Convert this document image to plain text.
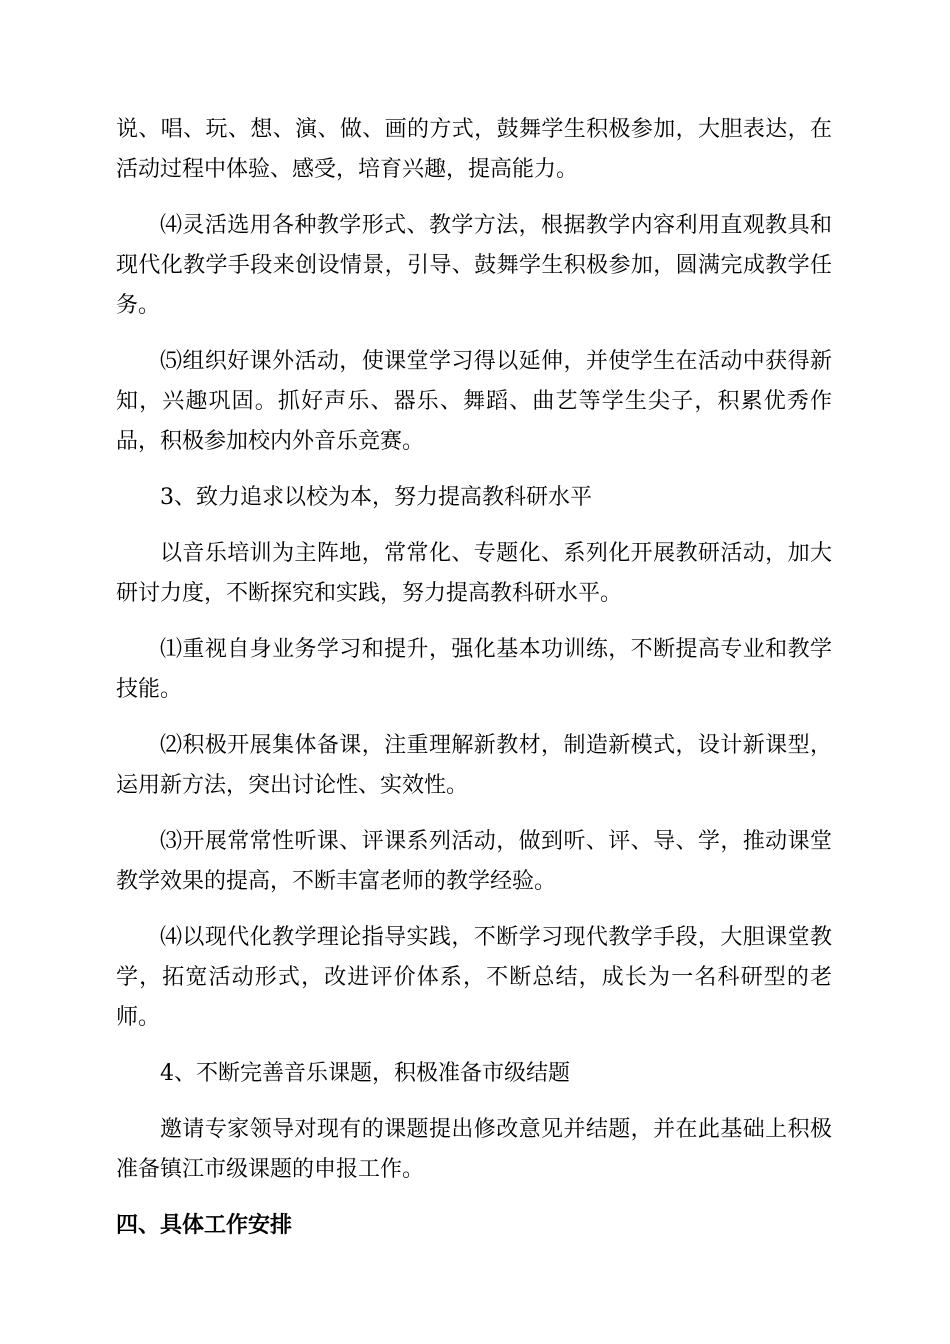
说、唱、玩、想、演、做、画的方式，鼓舞学生积极参加，大胆表达，在活动过程中体验、感受，培育兴趣，提高能力。

⑷灵活选用各种教学形式、教学方法，根据教学内容利用直观教具和现代化教学手段来创设情景，引导、鼓舞学生积极参加，圆满完成教学任务。

⑸组织好课外活动，使课堂学习得以延伸，并使学生在活动中获得新知，兴趣巩固。抓好声乐、器乐、舞蹈、曲艺等学生尖子，积累优秀作品，积极参加校内外音乐竞赛。

3、致力追求以校为本，努力提高教科研水平

以音乐培训为主阵地，常常化、专题化、系列化开展教研活动，加大研讨力度，不断探究和实践，努力提高教科研水平。

⑴重视自身业务学习和提升，强化基本功训练，不断提高专业和教学技能。

⑵积极开展集体备课，注重理解新教材，制造新模式，设计新课型，运用新方法，突出讨论性、实效性。

⑶开展常常性听课、评课系列活动，做到听、评、导、学，推动课堂教学效果的提高，不断丰富老师的教学经验。

⑷以现代化教学理论指导实践，不断学习现代教学手段，大胆课堂教学，拓宽活动形式，改进评价体系，不断总结，成长为一名科研型的老师。

4、不断完善音乐课题，积极准备市级结题

邀请专家领导对现有的课题提出修改意见并结题，并在此基础上积极准备镇江市级课题的申报工作。

四、具体工作安排
